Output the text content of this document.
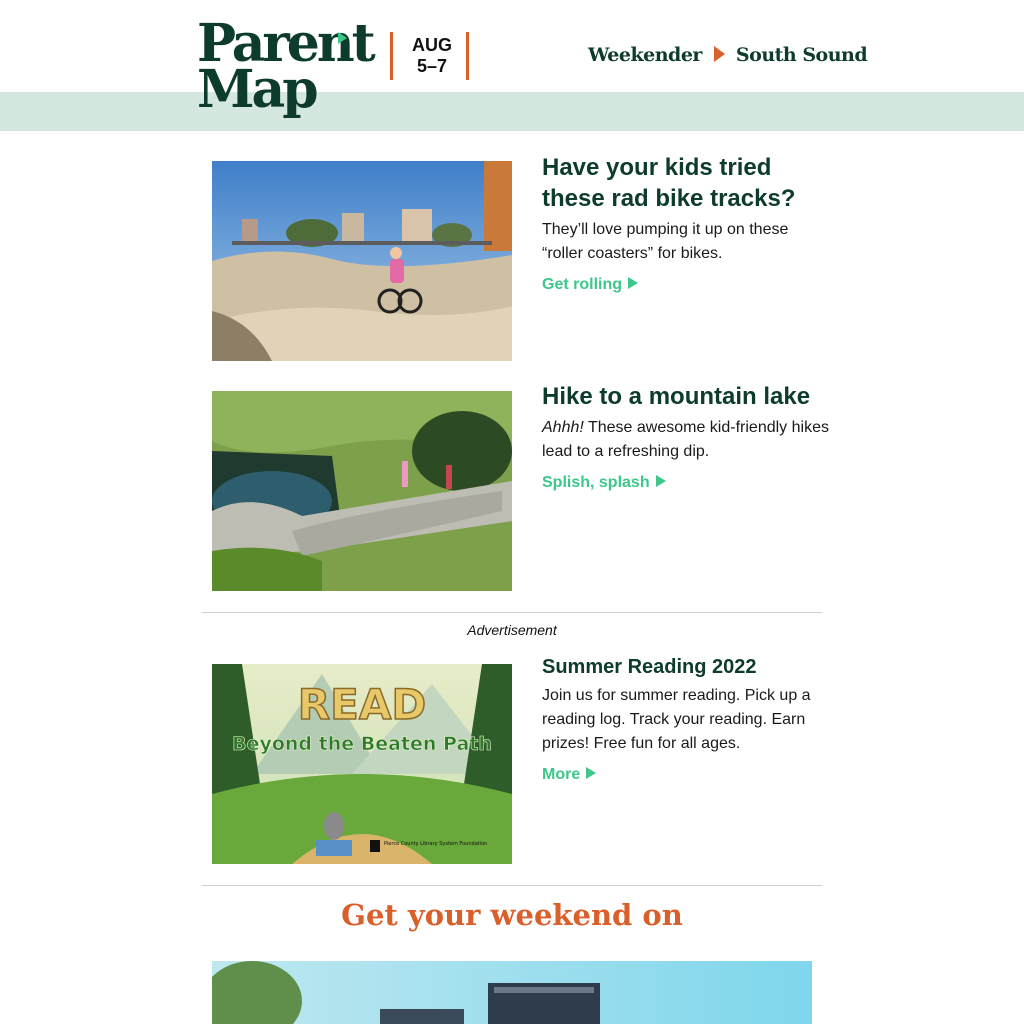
Parent
Map
AUG
5–7	Weekender South Sound
Have your kids tried these rad bike tracks?

They’ll love pumping it up on these “roller coasters” for bikes.

Get rolling
Hike to a mountain lake

Ahhh! These awesome kid-friendly hikes lead to a refreshing dip.

Splish, splash
Advertisement
READ
Beyond the Beaten Path
Pierce County Library System Foundation
Summer Reading 2022

Join us for summer reading. Pick up a reading log. Track your reading. Earn prizes! Free fun for all ages.

More
Get your weekend on
